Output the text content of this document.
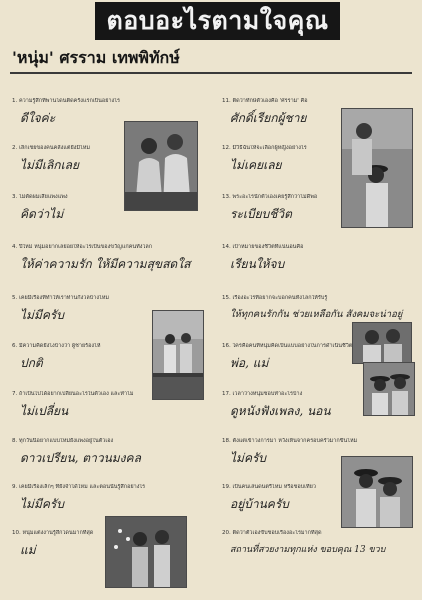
ตอบอะไรตามใจคุณ
'หนุ่ม' ศรราม เทพพิทักษ์
1. ความรู้สึกที่พานโดนติดครั้งแรกเป็นอย่างไร
ดีใจค่ะ
2. เลิกเชยของคนคลั่งแต่ยังมีไหม
ไม่มีเลิกเลย
3. ไม่ตัดผมเสียแพงแพง
คิดว่าไม่
4. ปีใหม่ หนุ่มอยากเลย่อยให้อะไรเป็นของขวัญแก่คนทั้งโลก
ให้ค่าความรัก ให้มีความสุขสดใส
5. เคยมีเรื่องที่ทำให้เราท่านกังวลบ้างไหม
ไม่มีครับ
6. มีความคิดยังไงบ้างว่า ผู้ชายร้องไห้
ปกติ
7. ถ้าเป็นไปได้อยากเปลี่ยนอะไรในตัวเอง และทำไม
ไม่เปลี่ยน
8. ทุกวันนี้อยากแบบใหม่ยังแพงอยู่ในตัวเอง
ดาวเปรียน, ตาวนมงคล
9. เคยมีเรื่องเล็กๆ ที่ยังจำได้ไหม และตอนนั้นรู้สึกอย่างไร
ไม่มีครับ
10. หนุ่มแต่งงานรู้สึกโดนมากที่สุด
แม่
11. ติดว่าทักษ์ตัวเองคือ 'ศรราม' คือ
ศักดิ์เรียกผู้ชาย
12. มีวิธีฉันให้จะเลือกผู้หญิงอย่างไร
ไม่เคยเลย
13. พระอะไรนักตัวเองเคยรู้สึกว่าไม่ดีพอ
ระเบียบชีวิต
14. เป้าหมายของชีวิตที่แน่นอนคือ
เรียนให้จบ
15. เรื่องอะไรที่อยากจะบอกคนทั้งโลกให้รับรู้
ให้ทุกคนรักกัน ช่วยเหลือกัน สังคมจะน่าอยู่
16. ใครคือคนที่หนุ่มคิดเป็นแบบอย่างในการดำเนินชีวิต
พ่อ, แม่
17. เวลาว่างหนุ่มชอบทำอะไรบ้าง
ดูหนังฟังเพลง, นอน
18. ตั้งแต่เข้าวงการมา หวังเห็นจากครอบครัวมากขึ้นไหม
ไม่ครับ
19. เป็นคนเล่นดนตรีไหม หรือชอบเที่ยว
อยู่บ้านครับ
20. ติดว่าตัวเองขับชอบเรื่องอะไรมากที่สุด
สถานที่สวยงามทุกแห่ง ขอบคุณ 13 ขวบ
